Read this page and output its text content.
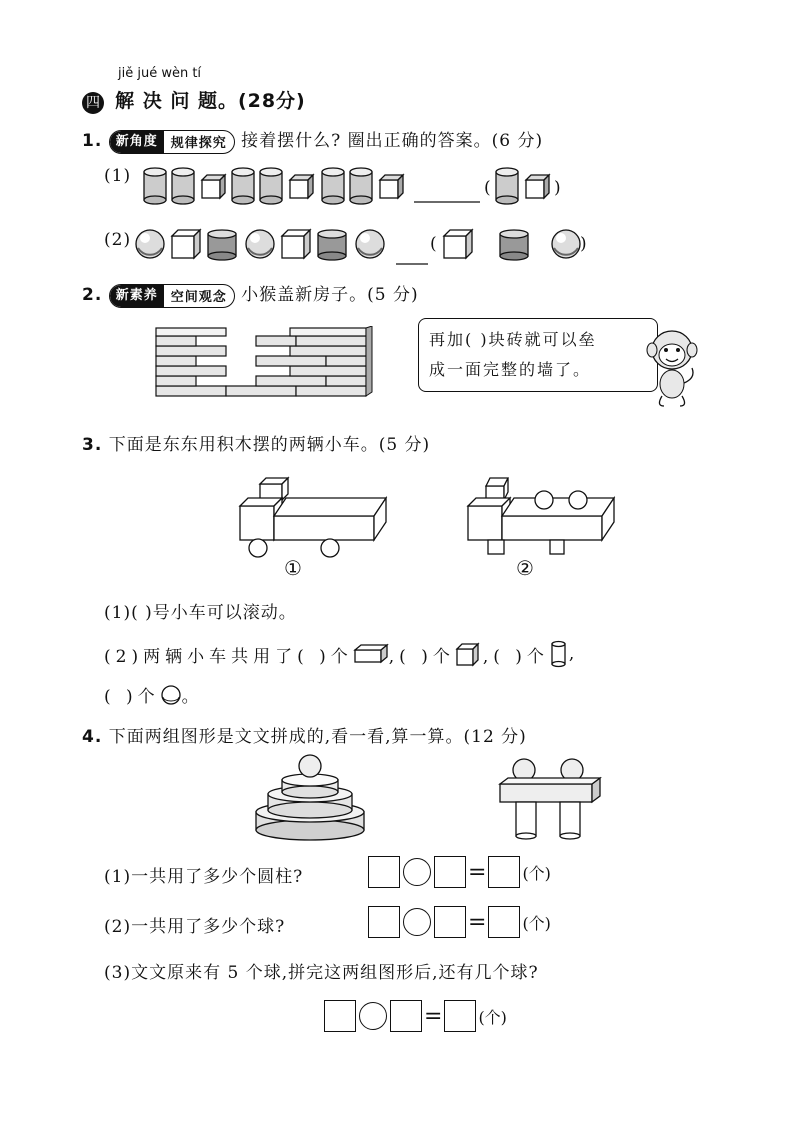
jiě jué wèn tí
四 解 决 问 题。(28分)
1.	新角度	规律探究 接着摆什么? 圈出正确的答案。(6 分)
(1)
(	)
(2)	(	)
2.	新素养	空间观念 小猴盖新房子。(5 分)
再加( )块砖就可以垒
成一面完整的墙了。
3. 下面是东东用积木摆的两辆小车。(5 分)
①	②
(1)( )号小车可以滚动。
(2)两辆小车共用了( )个 ,( )个 ,( )个 ,
( )个 。
4. 下面两组图形是文文拼成的,看一看,算一算。(12 分)
(1)一共用了多少个圆柱?	= (个)
(2)一共用了多少个球?	= (个)
(3)文文原来有 5 个球,拼完这两组图形后,还有几个球?
= (个)
